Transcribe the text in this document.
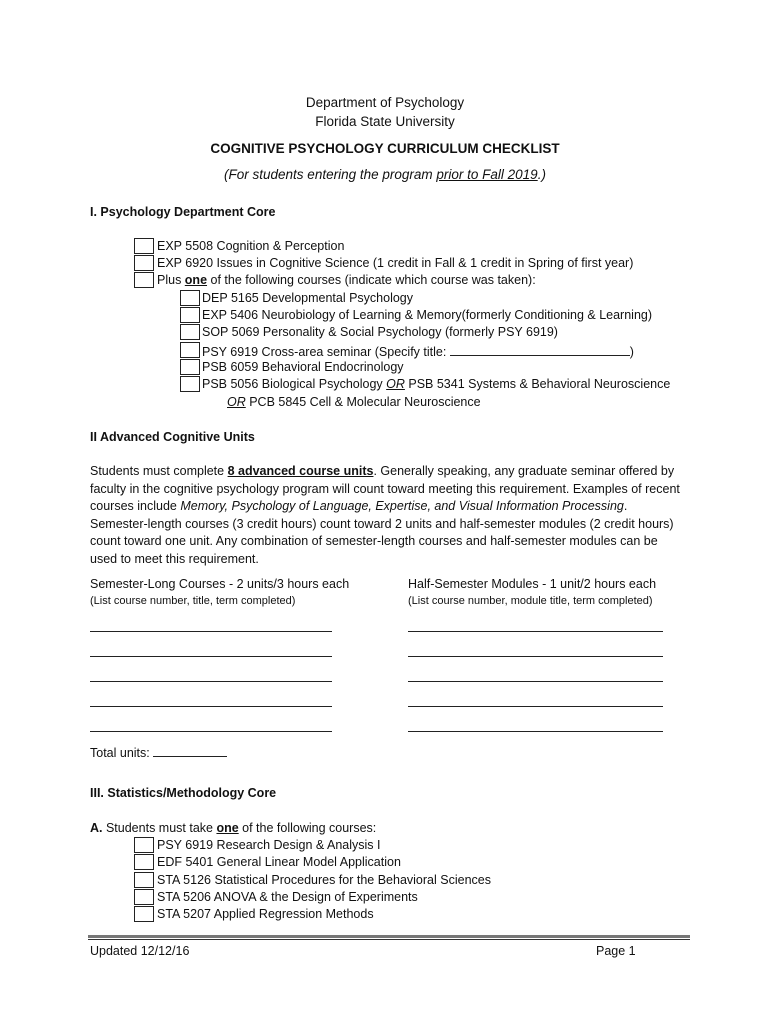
Department of Psychology
Florida State University
COGNITIVE PSYCHOLOGY CURRICULUM CHECKLIST
(For students entering the program prior to Fall 2019.)
I. Psychology Department Core
EXP 5508 Cognition & Perception
EXP 6920 Issues in Cognitive Science (1 credit in Fall & 1 credit in Spring of first year)
Plus one of the following courses (indicate which course was taken):
DEP 5165 Developmental Psychology
EXP 5406 Neurobiology of Learning & Memory(formerly Conditioning & Learning)
SOP 5069 Personality & Social Psychology (formerly PSY 6919)
PSY 6919 Cross-area seminar (Specify title:	)
PSB 6059 Behavioral Endocrinology
PSB 5056 Biological Psychology OR PSB 5341 Systems & Behavioral Neuroscience
OR PCB 5845 Cell & Molecular Neuroscience
II Advanced Cognitive Units
Students must complete 8 advanced course units. Generally speaking, any graduate seminar offered by faculty in the cognitive psychology program will count toward meeting this requirement. Examples of recent courses include Memory, Psychology of Language, Expertise, and Visual Information Processing. Semester-length courses (3 credit hours) count toward 2 units and half-semester modules (2 credit hours) count toward one unit. Any combination of semester-length courses and half-semester modules can be used to meet this requirement.
Semester-Long Courses - 2 units/3 hours each
(List course number, title, term completed)
Half-Semester Modules - 1 unit/2 hours each
(List course number, module title, term completed)
Total units:
III. Statistics/Methodology Core
A. Students must take one of the following courses:
PSY 6919 Research Design & Analysis I
EDF 5401 General Linear Model Application
STA 5126 Statistical Procedures for the Behavioral Sciences
STA 5206 ANOVA & the Design of Experiments
STA 5207 Applied Regression Methods
Updated 12/12/16	Page 1
